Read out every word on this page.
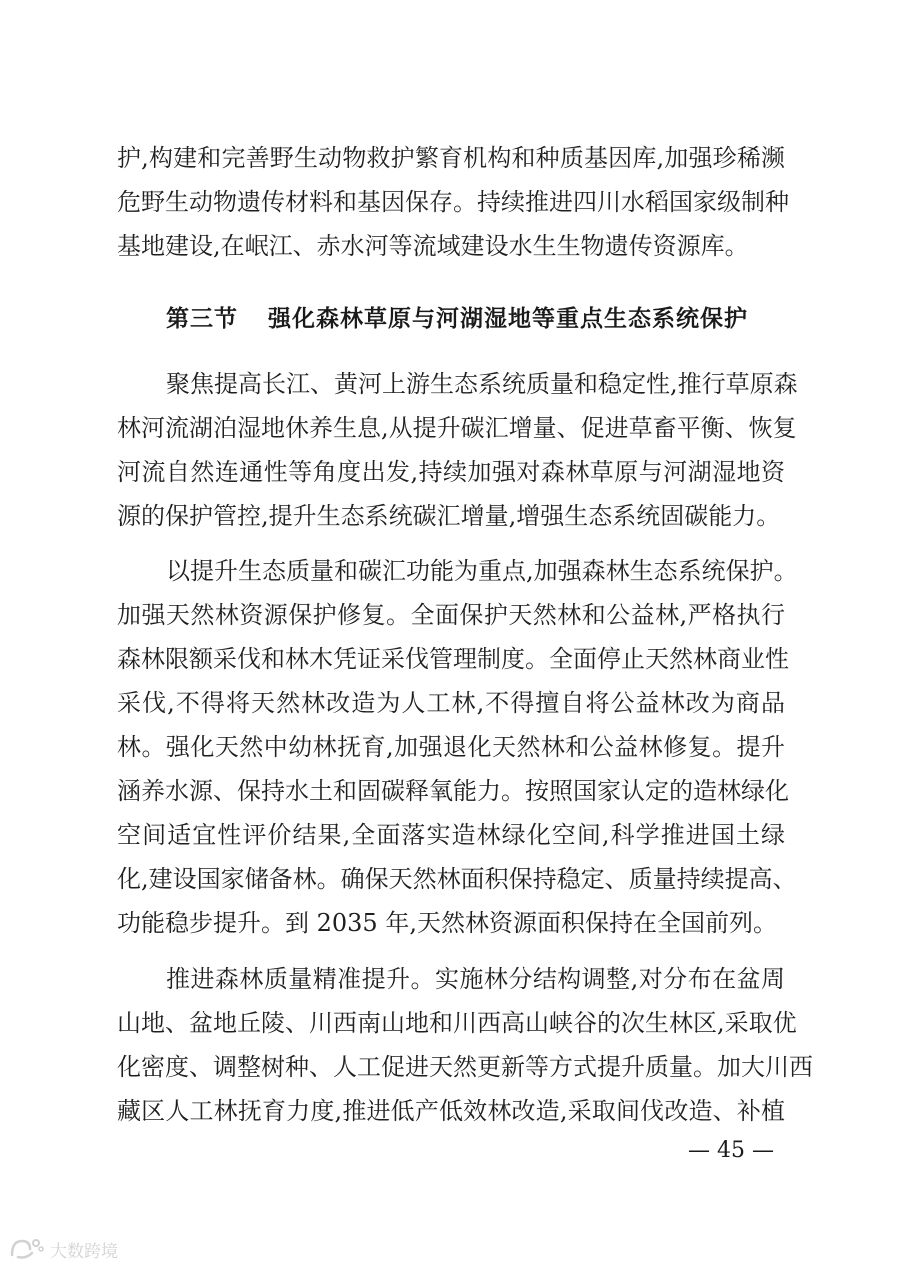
护,构建和完善野生动物救护繁育机构和种质基因库,加强珍稀濒
危野生动物遗传材料和基因保存。持续推进四川水稻国家级制种
基地建设,在岷江、赤水河等流域建设水生生物遗传资源库。
第三节 强化森林草原与河湖湿地等重点生态系统保护
聚焦提高长江、黄河上游生态系统质量和稳定性,推行草原森
林河流湖泊湿地休养生息,从提升碳汇增量、促进草畜平衡、恢复
河流自然连通性等角度出发,持续加强对森林草原与河湖湿地资
源的保护管控,提升生态系统碳汇增量,增强生态系统固碳能力。
以提升生态质量和碳汇功能为重点,加强森林生态系统保护。
加强天然林资源保护修复。全面保护天然林和公益林,严格执行
森林限额采伐和林木凭证采伐管理制度。全面停止天然林商业性
采伐,不得将天然林改造为人工林,不得擅自将公益林改为商品
林。强化天然中幼林抚育,加强退化天然林和公益林修复。提升
涵养水源、保持水土和固碳释氧能力。按照国家认定的造林绿化
空间适宜性评价结果,全面落实造林绿化空间,科学推进国土绿
化,建设国家储备林。确保天然林面积保持稳定、质量持续提高、
功能稳步提升。到 2035 年,天然林资源面积保持在全国前列。
推进森林质量精准提升。实施林分结构调整,对分布在盆周
山地、盆地丘陵、川西南山地和川西高山峡谷的次生林区,采取优
化密度、调整树种、人工促进天然更新等方式提升质量。加大川西
藏区人工林抚育力度,推进低产低效林改造,采取间伐改造、补植
— 45 —
大数跨境
